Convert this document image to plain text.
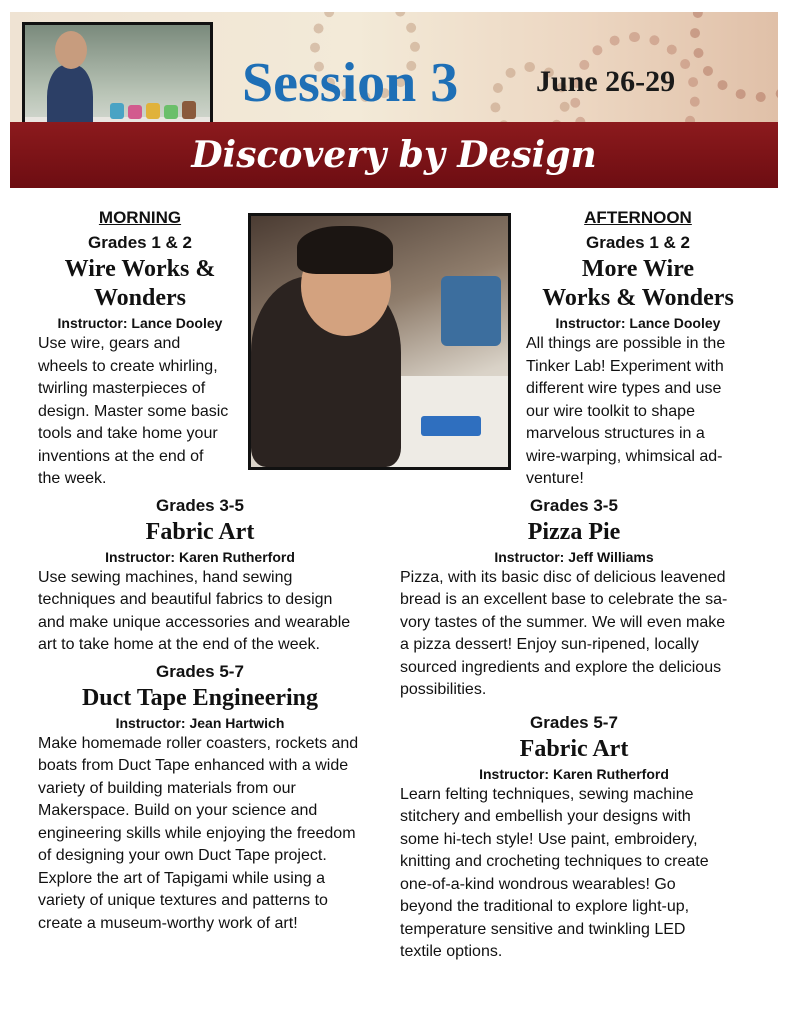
Session 3	June 26-29
Discovery by Design
MORNING
Grades 1 & 2
Wire Works &
Wonders
Instructor: Lance Dooley
Use wire, gears and
wheels to create whirling,
twirling masterpieces of
design. Master some basic
tools and take home your
inventions at the end of
the week.
Grades 3-5
Fabric Art
Instructor: Karen Rutherford
Use sewing machines, hand sewing
techniques and beautiful fabrics to design
and make unique accessories and wearable
art to take home at the end of the week.
Grades 5-7
Duct Tape Engineering
Instructor: Jean Hartwich
Make homemade roller coasters, rockets and
boats from Duct Tape enhanced with a wide
variety of building materials from our
Makerspace. Build on your science and
engineering skills while enjoying the freedom
of designing your own Duct Tape project.
Explore the art of Tapigami while using a
variety of unique textures and patterns to
create a museum-worthy work of art!
AFTERNOON
Grades 1 & 2
More Wire
Works & Wonders
Instructor: Lance Dooley
All things are possible in the
Tinker Lab! Experiment with
different wire types and use
our wire toolkit to shape
marvelous structures in a
wire-warping, whimsical ad-
venture!
Grades 3-5
Pizza Pie
Instructor: Jeff Williams
Pizza, with its basic disc of delicious leavened
bread is an excellent base to celebrate the sa-
vory tastes of the summer. We will even make
a pizza dessert! Enjoy sun-ripened, locally
sourced ingredients and explore the delicious
possibilities.
Grades 5-7
Fabric Art
Instructor: Karen Rutherford
Learn felting techniques, sewing machine
stitchery and embellish your designs with
some hi-tech style! Use paint, embroidery,
knitting and crocheting techniques to create
one-of-a-kind wondrous wearables! Go
beyond the traditional to explore light-up,
temperature sensitive and twinkling LED
textile options.
